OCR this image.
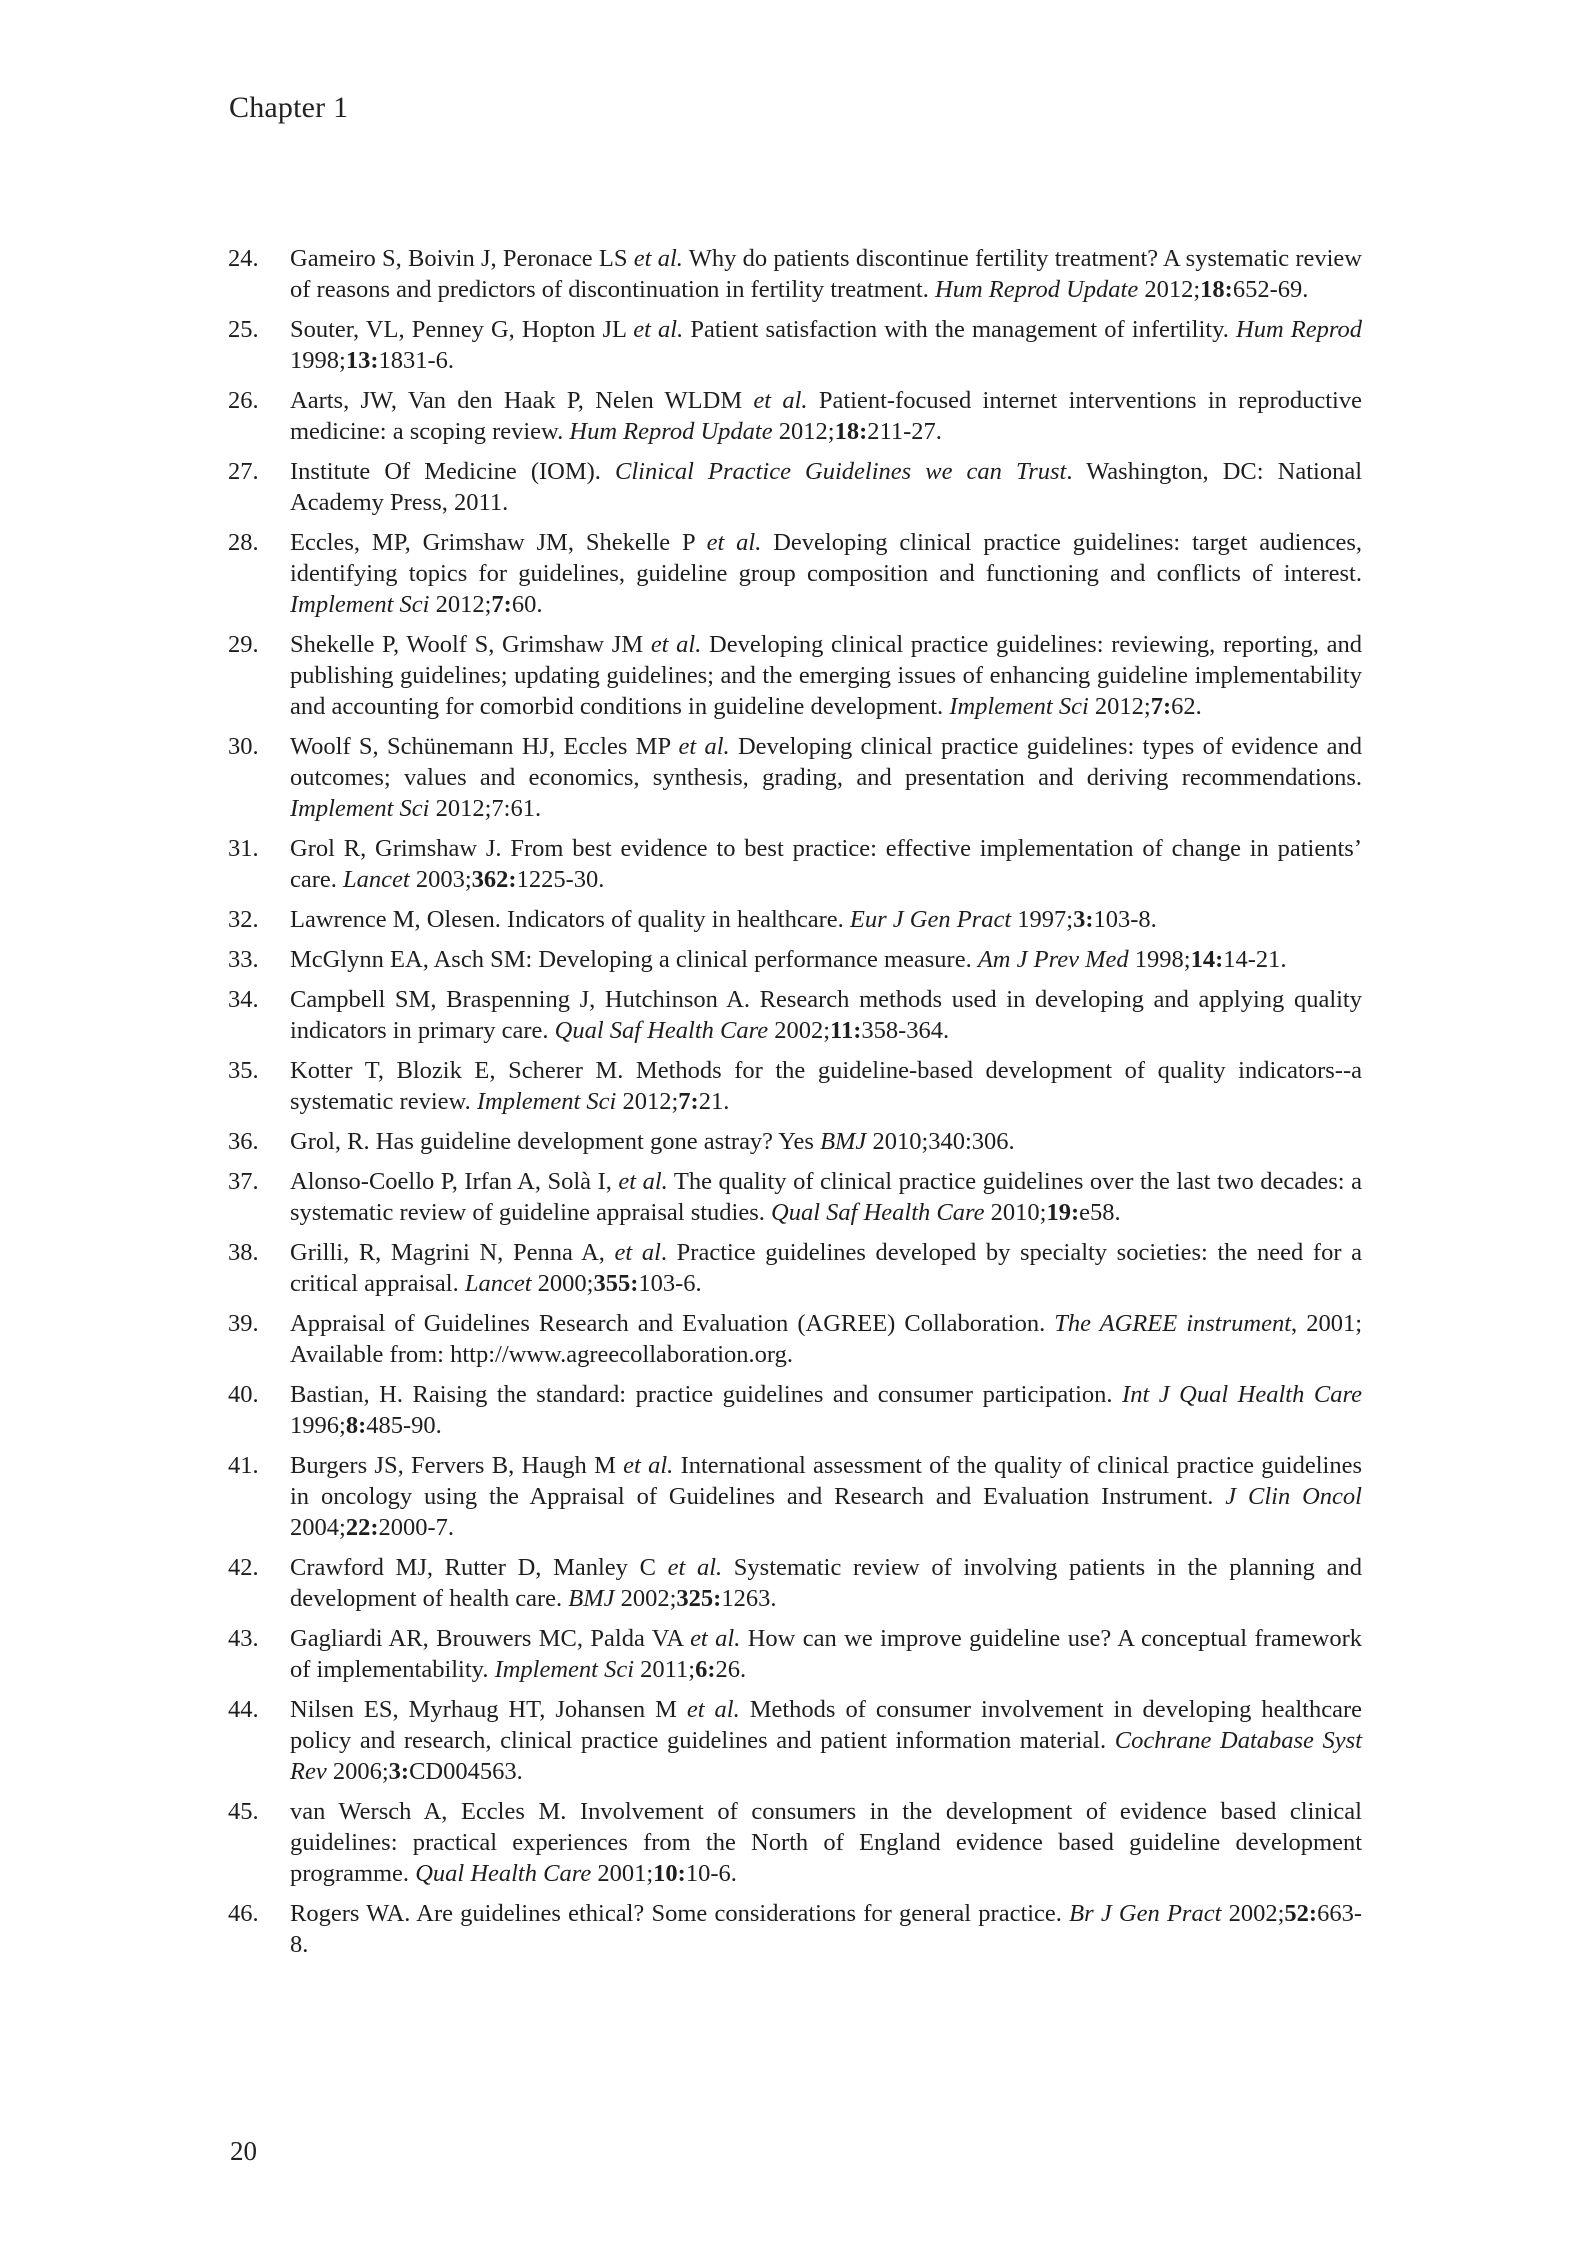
Chapter 1
24. Gameiro S, Boivin J, Peronace LS et al. Why do patients discontinue fertility treatment? A systematic review of reasons and predictors of discontinuation in fertility treatment. Hum Reprod Update 2012;18:652-69.
25. Souter, VL, Penney G, Hopton JL et al. Patient satisfaction with the management of infertility. Hum Reprod 1998;13:1831-6.
26. Aarts, JW, Van den Haak P, Nelen WLDM et al. Patient-focused internet interventions in reproductive medicine: a scoping review. Hum Reprod Update 2012;18:211-27.
27. Institute Of Medicine (IOM). Clinical Practice Guidelines we can Trust. Washington, DC: National Academy Press, 2011.
28. Eccles, MP, Grimshaw JM, Shekelle P et al. Developing clinical practice guidelines: target audiences, identifying topics for guidelines, guideline group composition and functioning and conflicts of interest. Implement Sci 2012;7:60.
29. Shekelle P, Woolf S, Grimshaw JM et al. Developing clinical practice guidelines: reviewing, reporting, and publishing guidelines; updating guidelines; and the emerging issues of enhancing guideline implementability and accounting for comorbid conditions in guideline development. Implement Sci 2012;7:62.
30. Woolf S, Schünemann HJ, Eccles MP et al. Developing clinical practice guidelines: types of evidence and outcomes; values and economics, synthesis, grading, and presentation and deriving recommendations. Implement Sci 2012;7:61.
31. Grol R, Grimshaw J. From best evidence to best practice: effective implementation of change in patients’ care. Lancet 2003;362:1225-30.
32. Lawrence M, Olesen. Indicators of quality in healthcare. Eur J Gen Pract 1997;3:103-8.
33. McGlynn EA, Asch SM: Developing a clinical performance measure. Am J Prev Med 1998;14:14-21.
34. Campbell SM, Braspenning J, Hutchinson A. Research methods used in developing and applying quality indicators in primary care. Qual Saf Health Care 2002;11:358-364.
35. Kotter T, Blozik E, Scherer M. Methods for the guideline-based development of quality indicators--a systematic review. Implement Sci 2012;7:21.
36. Grol, R. Has guideline development gone astray? Yes BMJ 2010;340:306.
37. Alonso-Coello P, Irfan A, Solà I, et al. The quality of clinical practice guidelines over the last two decades: a systematic review of guideline appraisal studies. Qual Saf Health Care 2010;19:e58.
38. Grilli, R, Magrini N, Penna A, et al. Practice guidelines developed by specialty societies: the need for a critical appraisal. Lancet 2000;355:103-6.
39. Appraisal of Guidelines Research and Evaluation (AGREE) Collaboration. The AGREE instrument, 2001; Available from: http://www.agreecollaboration.org.
40. Bastian, H. Raising the standard: practice guidelines and consumer participation. Int J Qual Health Care 1996;8:485-90.
41. Burgers JS, Fervers B, Haugh M et al. International assessment of the quality of clinical practice guidelines in oncology using the Appraisal of Guidelines and Research and Evaluation Instrument. J Clin Oncol 2004;22:2000-7.
42. Crawford MJ, Rutter D, Manley C et al. Systematic review of involving patients in the planning and development of health care. BMJ 2002;325:1263.
43. Gagliardi AR, Brouwers MC, Palda VA et al. How can we improve guideline use? A conceptual framework of implementability. Implement Sci 2011;6:26.
44. Nilsen ES, Myrhaug HT, Johansen M et al. Methods of consumer involvement in developing healthcare policy and research, clinical practice guidelines and patient information material. Cochrane Database Syst Rev 2006;3:CD004563.
45. van Wersch A, Eccles M. Involvement of consumers in the development of evidence based clinical guidelines: practical experiences from the North of England evidence based guideline development programme. Qual Health Care 2001;10:10-6.
46. Rogers WA. Are guidelines ethical? Some considerations for general practice. Br J Gen Pract 2002;52:663-8.
20
